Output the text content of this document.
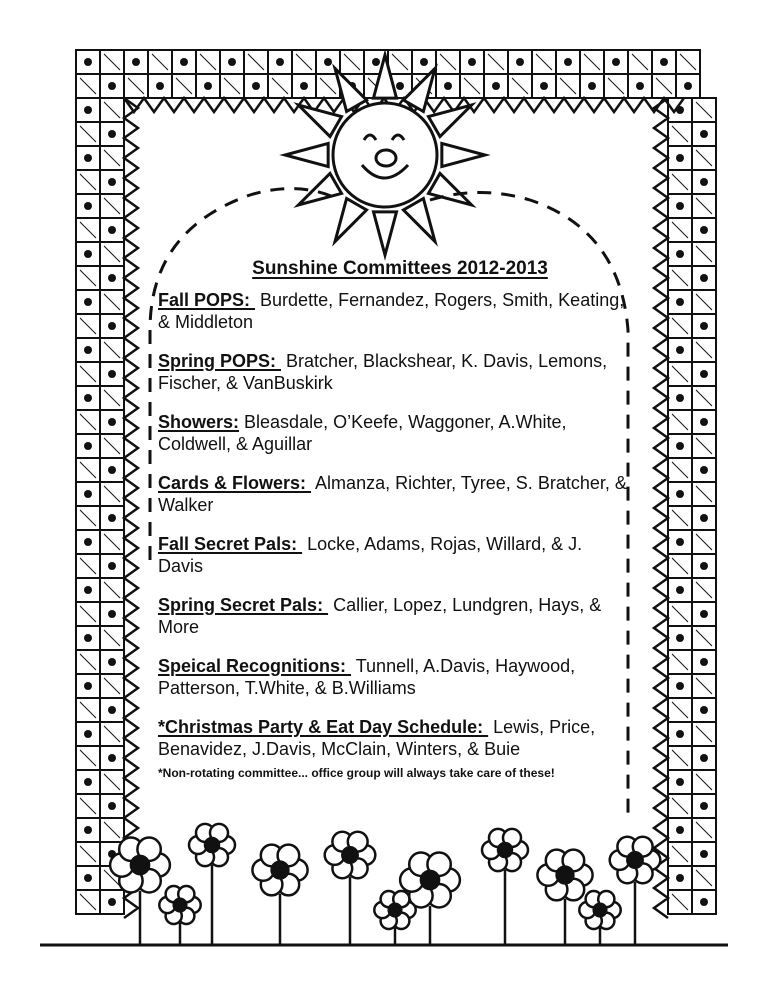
Sunshine Committees 2012-2013
Fall POPS:  Burdette, Fernandez, Rogers, Smith, Keating, & Middleton
Spring POPS:  Bratcher, Blackshear, K. Davis, Lemons, Fischer, & VanBuskirk
Showers: Bleasdale, O’Keefe, Waggoner, A.White, Coldwell, & Aguillar
Cards & Flowers:  Almanza, Richter, Tyree, S. Bratcher, & Walker
Fall Secret Pals:  Locke, Adams, Rojas, Willard, & J. Davis
Spring Secret Pals:  Callier, Lopez, Lundgren, Hays, & More
Speical Recognitions:  Tunnell, A.Davis, Haywood, Patterson, T.White, & B.Williams
*Christmas Party & Eat Day Schedule:  Lewis, Price, Benavidez, J.Davis, McClain, Winters, & Buie
*Non-rotating committee... office group will always take care of these!
